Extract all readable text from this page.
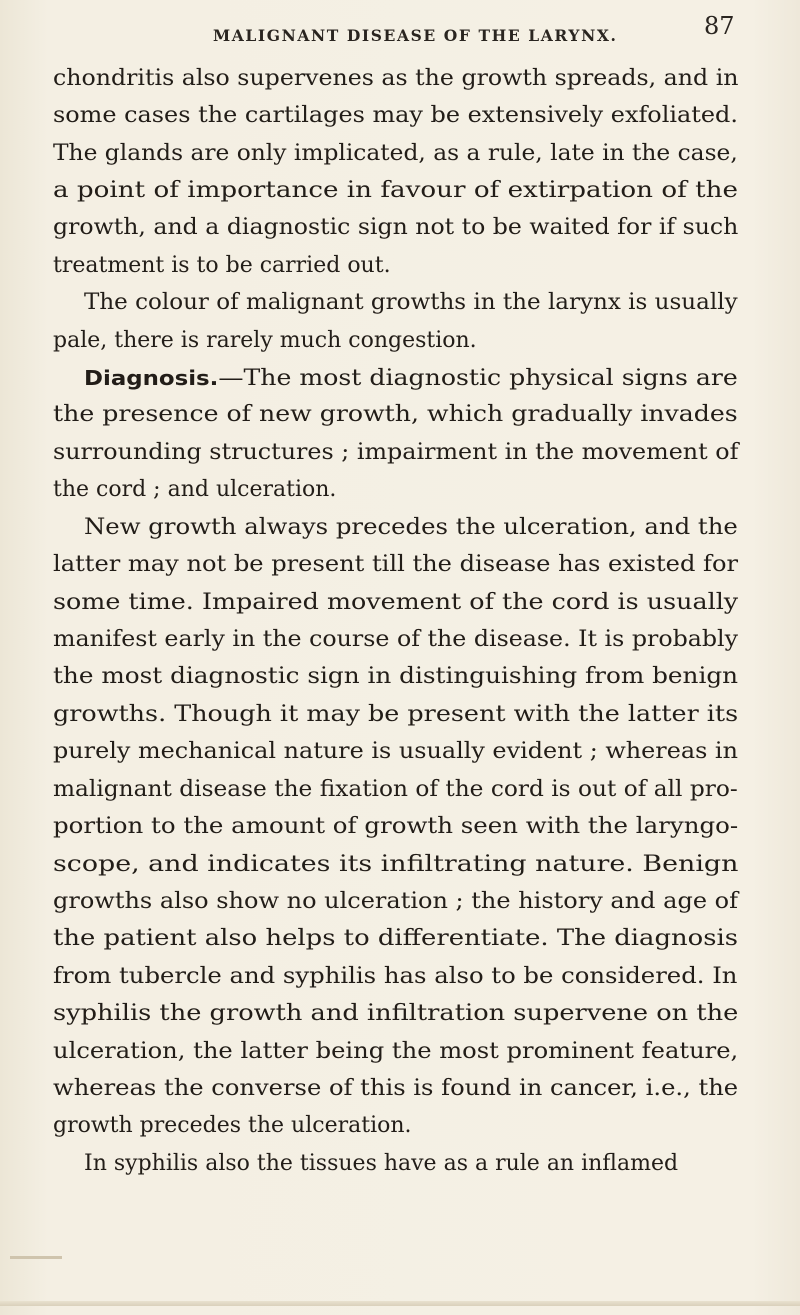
MALIGNANT DISEASE OF THE LARYNX.	87
chondritis also supervenes as the growth spreads, and in
some cases the cartilages may be extensively exfoliated.
The glands are only implicated, as a rule, late in the case,
a point of importance in favour of extirpation of the
growth, and a diagnostic sign not to be waited for if such
treatment is to be carried out.
The colour of malignant growths in the larynx is usually
pale, there is rarely much congestion.
Diagnosis.—The most diagnostic physical signs are
the presence of new growth, which gradually invades
surrounding structures ; impairment in the movement of
the cord ; and ulceration.
New growth always precedes the ulceration, and the
latter may not be present till the disease has existed for
some time. Impaired movement of the cord is usually
manifest early in the course of the disease. It is probably
the most diagnostic sign in distinguishing from benign
growths. Though it may be present with the latter its
purely mechanical nature is usually evident ; whereas in
malignant disease the fixation of the cord is out of all pro-
portion to the amount of growth seen with the laryngo-
scope, and indicates its infiltrating nature. Benign
growths also show no ulceration ; the history and age of
the patient also helps to differentiate. The diagnosis
from tubercle and syphilis has also to be considered. In
syphilis the growth and infiltration supervene on the
ulceration, the latter being the most prominent feature,
whereas the converse of this is found in cancer, i.e., the
growth precedes the ulceration.
In syphilis also the tissues have as a rule an inflamed
